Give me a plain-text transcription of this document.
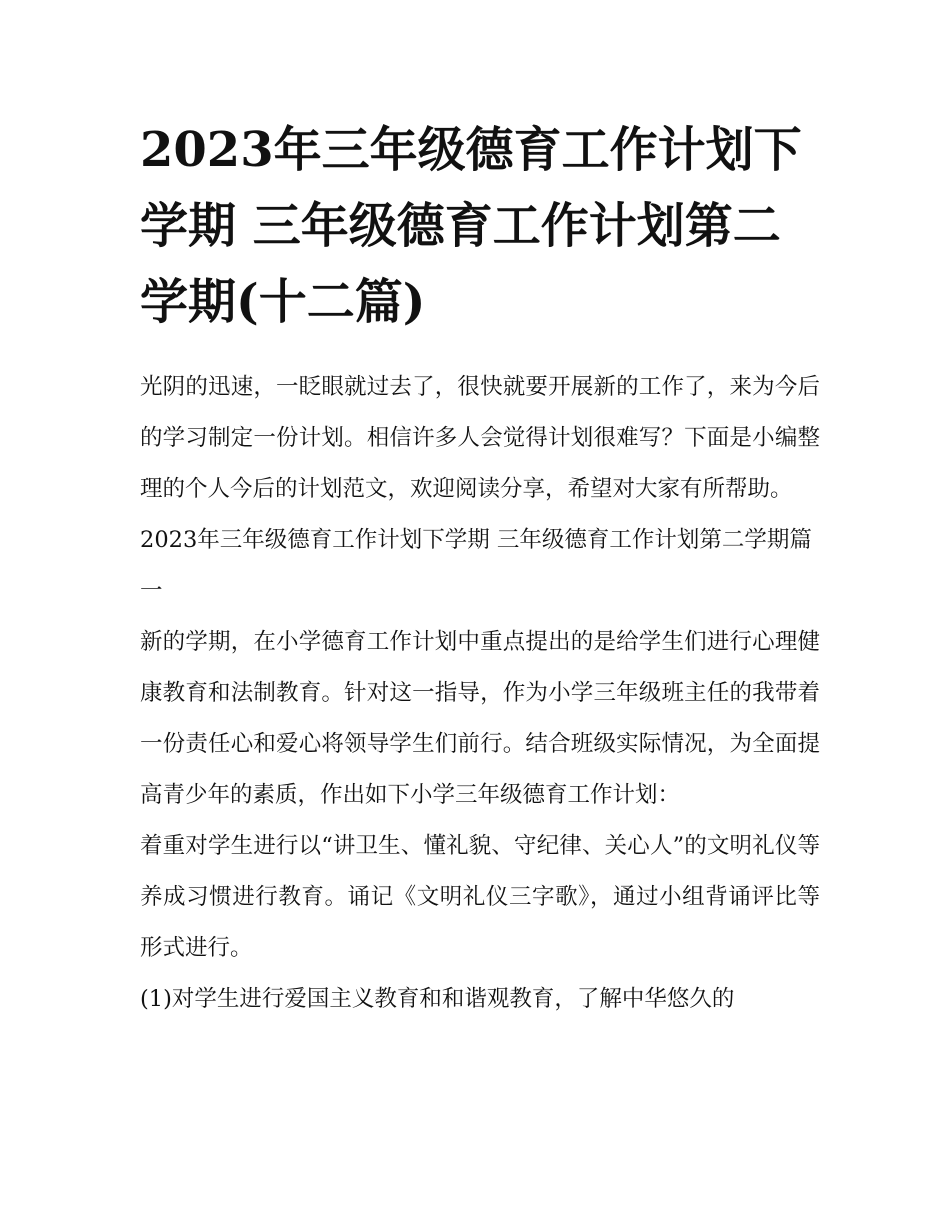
2023年三年级德育工作计划下学期 三年级德育工作计划第二学期(十二篇)

光阴的迅速，一眨眼就过去了，很快就要开展新的工作了，来为今后的学习制定一份计划。相信许多人会觉得计划很难写？下面是小编整理的个人今后的计划范文，欢迎阅读分享，希望对大家有所帮助。

2023年三年级德育工作计划下学期 三年级德育工作计划第二学期篇一

新的学期，在小学德育工作计划中重点提出的是给学生们进行心理健康教育和法制教育。针对这一指导，作为小学三年级班主任的我带着一份责任心和爱心将领导学生们前行。结合班级实际情况，为全面提高青少年的素质，作出如下小学三年级德育工作计划：

着重对学生进行以“讲卫生、懂礼貌、守纪律、关心人”的文明礼仪等养成习惯进行教育。诵记《文明礼仪三字歌》，通过小组背诵评比等形式进行。

(1)对学生进行爱国主义教育和和谐观教育，了解中华悠久的
